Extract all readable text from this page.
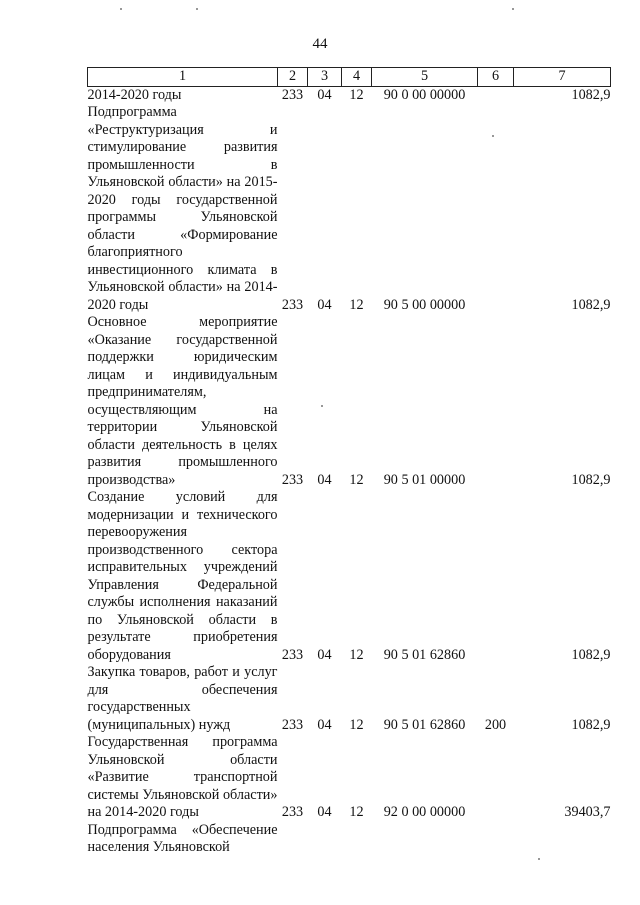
44
1	2	3	4	5	6	7
2014-2020 годы	233	04	12	90 0 00 00000		1082,9
Подпрограмма «Реструктуризация и стимулирование развития промышленности в Ульяновской области» на 2015-2020 годы государственной программы Ульяновской области «Формирование благоприятного инвестиционного климата в Ульяновской области» на 2014-2020 годы	233	04	12	90 5 00 00000		1082,9
Основное мероприятие «Оказание государственной поддержки юридическим лицам и индивидуальным предпринимателям, осуществляющим на территории Ульяновской области деятельность в целях развития промышленного производства»	233	04	12	90 5 01 00000		1082,9
Создание условий для модернизации и технического перевооружения производственного сектора исправительных учреждений Управления Федеральной службы исполнения наказаний по Ульяновской области в результате приобретения оборудования	233	04	12	90 5 01 62860		1082,9
Закупка товаров, работ и услуг для обеспечения государственных (муниципальных) нужд	233	04	12	90 5 01 62860	200	1082,9
Государственная программа Ульяновской области «Развитие транспортной системы Ульяновской области» на 2014-2020 годы	233	04	12	92 0 00 00000		39403,7
Подпрограмма «Обеспечение населения Ульяновской						
